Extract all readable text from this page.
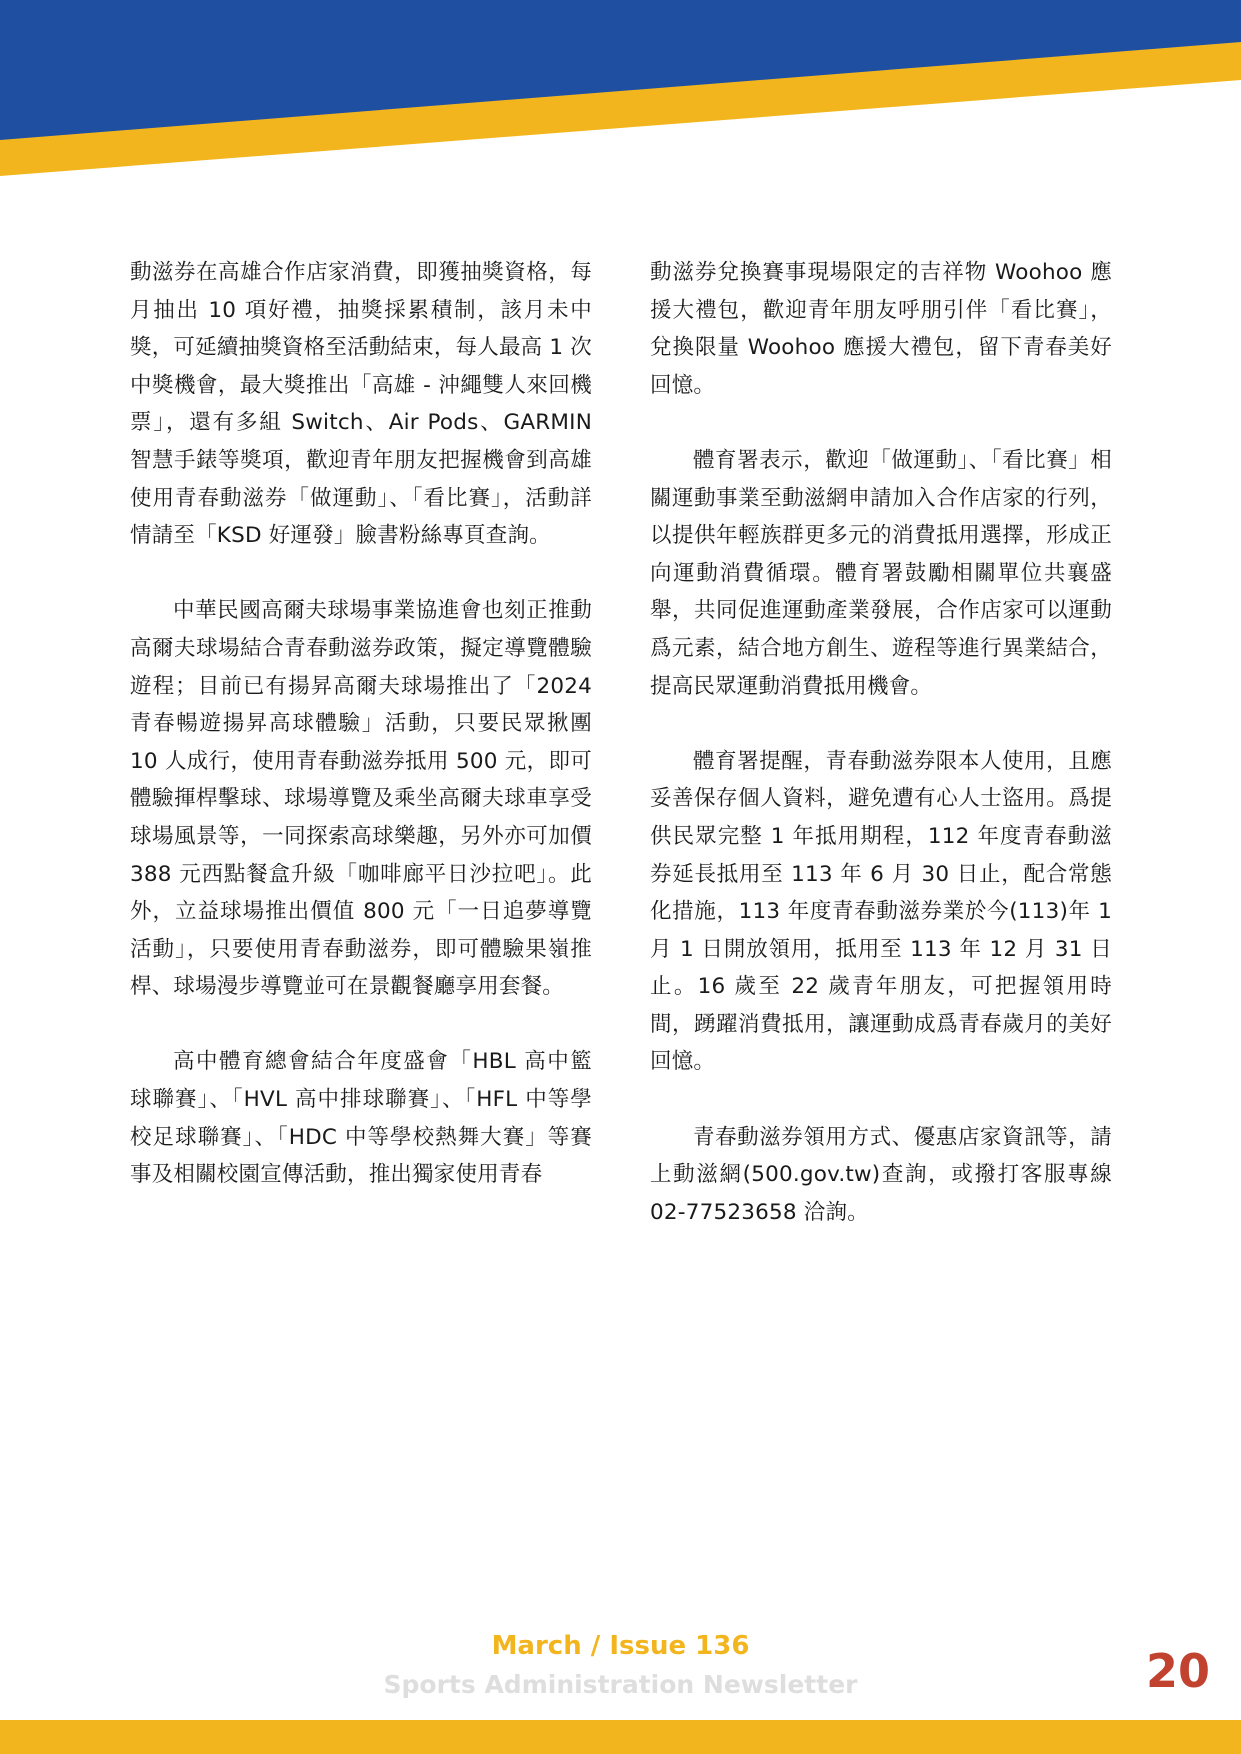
動滋券在高雄合作店家消費，即獲抽獎資格，每月抽出 10 項好禮，抽獎採累積制，該月未中獎，可延續抽獎資格至活動結束，每人最高 1 次中獎機會，最大獎推出「高雄 - 沖繩雙人來回機票」，還有多組 Switch、Air Pods、GARMIN 智慧手錶等獎項，歡迎青年朋友把握機會到高雄使用青春動滋券「做運動」、「看比賽」，活動詳情請至「KSD 好運發」臉書粉絲專頁查詢。

中華民國高爾夫球場事業協進會也刻正推動高爾夫球場結合青春動滋券政策，擬定導覽體驗遊程；目前已有揚昇高爾夫球場推出了「2024 青春暢遊揚昇高球體驗」活動，只要民眾揪團 10 人成行，使用青春動滋券抵用 500 元，即可體驗揮桿擊球、球場導覽及乘坐高爾夫球車享受球場風景等，一同探索高球樂趣，另外亦可加價 388 元西點餐盒升級「咖啡廊平日沙拉吧」。此外，立益球場推出價值 800 元「一日追夢導覽活動」，只要使用青春動滋券，即可體驗果嶺推桿、球場漫步導覽並可在景觀餐廳享用套餐。

高中體育總會結合年度盛會「HBL 高中籃球聯賽」、「HVL 高中排球聯賽」、「HFL 中等學校足球聯賽」、「HDC 中等學校熱舞大賽」等賽事及相關校園宣傳活動，推出獨家使用青春

動滋券兌換賽事現場限定的吉祥物 Woohoo 應援大禮包，歡迎青年朋友呼朋引伴「看比賽」，兌換限量 Woohoo 應援大禮包，留下青春美好回憶。

體育署表示，歡迎「做運動」、「看比賽」相關運動事業至動滋網申請加入合作店家的行列，以提供年輕族群更多元的消費抵用選擇，形成正向運動消費循環。體育署鼓勵相關單位共襄盛舉，共同促進運動產業發展，合作店家可以運動爲元素，結合地方創生、遊程等進行異業結合，提高民眾運動消費抵用機會。

體育署提醒，青春動滋券限本人使用，且應妥善保存個人資料，避免遭有心人士盜用。爲提供民眾完整 1 年抵用期程，112 年度青春動滋券延長抵用至 113 年 6 月 30 日止，配合常態化措施，113 年度青春動滋券業於今(113)年 1 月 1 日開放領用，抵用至 113 年 12 月 31 日止。16 歲至 22 歲青年朋友，可把握領用時間，踴躍消費抵用，讓運動成爲青春歲月的美好回憶。

青春動滋券領用方式、優惠店家資訊等，請上動滋網(500.gov.tw)查詢，或撥打客服專線 02-77523658 洽詢。

March / Issue 136
Sports Administration Newsletter	20
